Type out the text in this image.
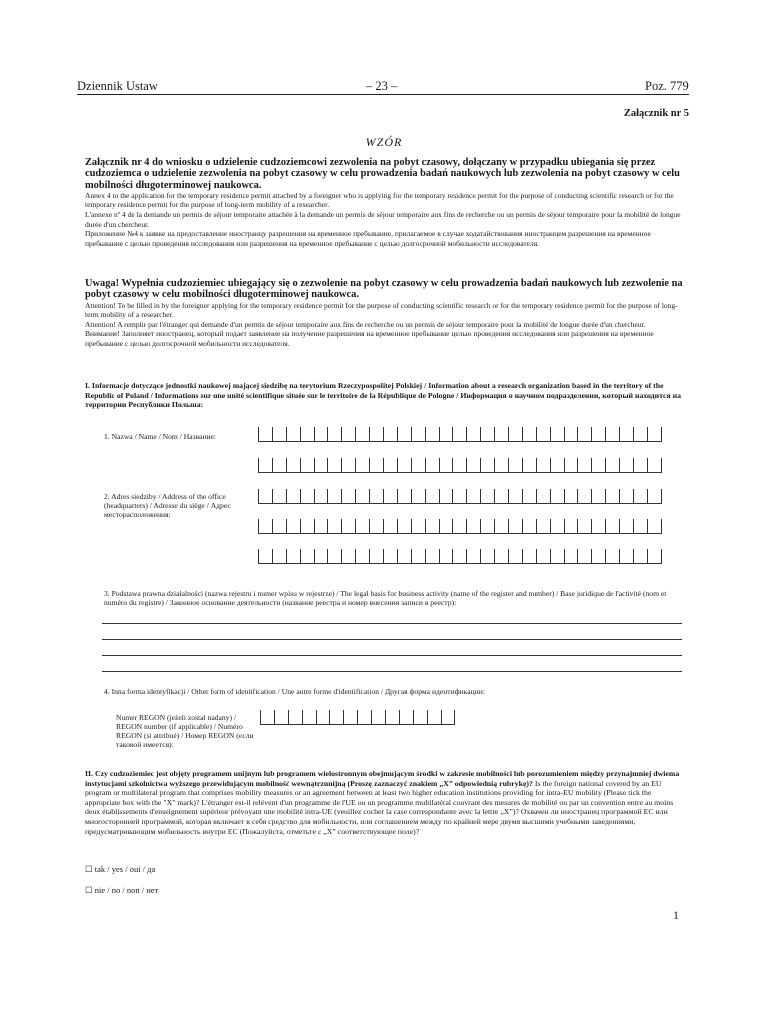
Dziennik Ustaw	– 23 –	Poz. 779
Załącznik nr 5
WZÓR
Załącznik nr 4 do wniosku o udzielenie cudzoziemcowi zezwolenia na pobyt czasowy, dołączany w przypadku ubiegania się przez cudzoziemca o udzielenie zezwolenia na pobyt czasowy w celu prowadzenia badań naukowych lub zezwolenia na pobyt czasowy w celu mobilności długoterminowej naukowca.

Annex 4 to the application for the temporary residence permit attached by a foreigner who is applying for the temporary residence permit for the purpose of conducting scientific research or for the temporary residence permit for the purpose of long-term mobility of a researcher.

L'annexe nº 4 de la demande un permis de séjour temporaire attachée à la demande un permis de séjour temporaire aux fins de recherche ou un permis de séjour temporaire pour la mobilité de longue durée d'un chercheur.

Приложение №4 к заявке на предоставление иностранцу разрешения на временное пребывание, прилагаемое в случае ходатайствования иностранцем разрешения на временное пребывание с целью проведения исследования или разрешения на временное пребывание с целью долгосрочной мобильности исследователя.

Uwaga! Wypełnia cudzoziemiec ubiegający się o zezwolenie na pobyt czasowy w celu prowadzenia badań naukowych lub zezwolenie na pobyt czasowy w celu mobilności długoterminowej naukowca.

Attention! To be filled in by the foreigner applying for the temporary residence permit for the purpose of conducting scientific research or for the temporary residence permit for the purpose of long-term mobility of a researcher.

Attention! A remplir par l'étranger qui demande d'un permis de séjour temporaire aux fins de recherche ou un permis de séjour temporaire pour la mobilité de longue durée d'un chercheur.

Внимание! Заполняет иностранец, который подает заявление на получение разрешения на временное пребывание целью проведения исследования или разрешения на временное пребывание с целью долгосрочной мобильности исследователя.

I. Informacje dotyczące jednostki naukowej mającej siedzibę na terytorium Rzeczypospolitej Polskiej / Information about a research organization based in the territory of the Republic of Poland / Informations sur une unité scientifique située sur le territoire de la République de Pologne / Информация о научном подразделении, который находится на территории Республики Польша:
1. Nazwa / Name / Nom / Название:
2. Adres siedziby / Address of the office (headquarters) / Adresse du siège / Адрес месторасположения:
3. Podstawa prawna działalności (nazwa rejestru i numer wpisu w rejestrze) / The legal basis for business activity (name of the register and number) / Base juridique de l'activité (nom et numéro du registre) / Законное основание деятельности (название реестра и номер внесения записи в реестр):
4. Inna forma identyfikacji / Other form of identification / Une autre forme d'identification / Другая форма идентификации:
Numer REGON (jeżeli został nadany) / REGON number (if applicable) / Numéro REGON (si attribué) / Номер REGON (если таковой имеется):
II. Czy cudzoziemiec jest objęty programem unijnym lub programem wielostronnym obejmującym środki w zakresie mobilności lub porozumieniem między przynajmniej dwiema instytucjami szkolnictwa wyższego przewidującym mobilność wewnątrzunijną (Proszę zaznaczyć znakiem „X” odpowiednią rubrykę)? Is the foreign national covered by an EU program or multilateral program that comprises mobility measures or an agreement between at least two higher education institutions providing for intra-EU mobility (Please tick the appropriate box with the "X" mark)? L'étranger est-il relévent d'un programme de l'UE ou un programme multilatéral couvrant des mesures de mobilité ou par un convention entre au moins deux établissements d'enseignement supérieur prévoyant une mobilité intra-UE (veuillez cocher la case correspondante avec la lettre „X”)? Охвачен ли иностранец программой ЕС или многосторонней программой, которая включает в себя средство для мобильности, или соглашением между по крайней мере двумя высшими учебными заведениями, предусматривающим мобильность внутри ЕС (Пожалуйста, отметьте с „X” соответствующее поле)?
☐ tak / yes / oui / да
☐ nie / no / non / нет
1
